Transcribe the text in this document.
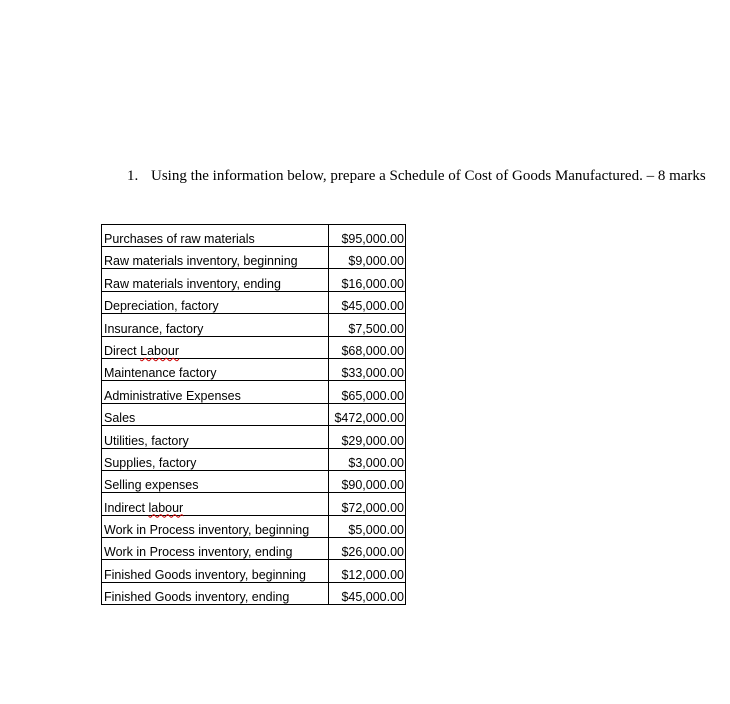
1. Using the information below, prepare a Schedule of Cost of Goods Manufactured. – 8 marks
Purchases of raw materials	$95,000.00
Raw materials inventory, beginning	$9,000.00
Raw materials inventory, ending	$16,000.00
Depreciation, factory	$45,000.00
Insurance, factory	$7,500.00
Direct Labour	$68,000.00
Maintenance factory	$33,000.00
Administrative Expenses	$65,000.00
Sales	$472,000.00
Utilities, factory	$29,000.00
Supplies, factory	$3,000.00
Selling expenses	$90,000.00
Indirect labour	$72,000.00
Work in Process inventory, beginning	$5,000.00
Work in Process inventory, ending	$26,000.00
Finished Goods inventory, beginning	$12,000.00
Finished Goods inventory, ending	$45,000.00
